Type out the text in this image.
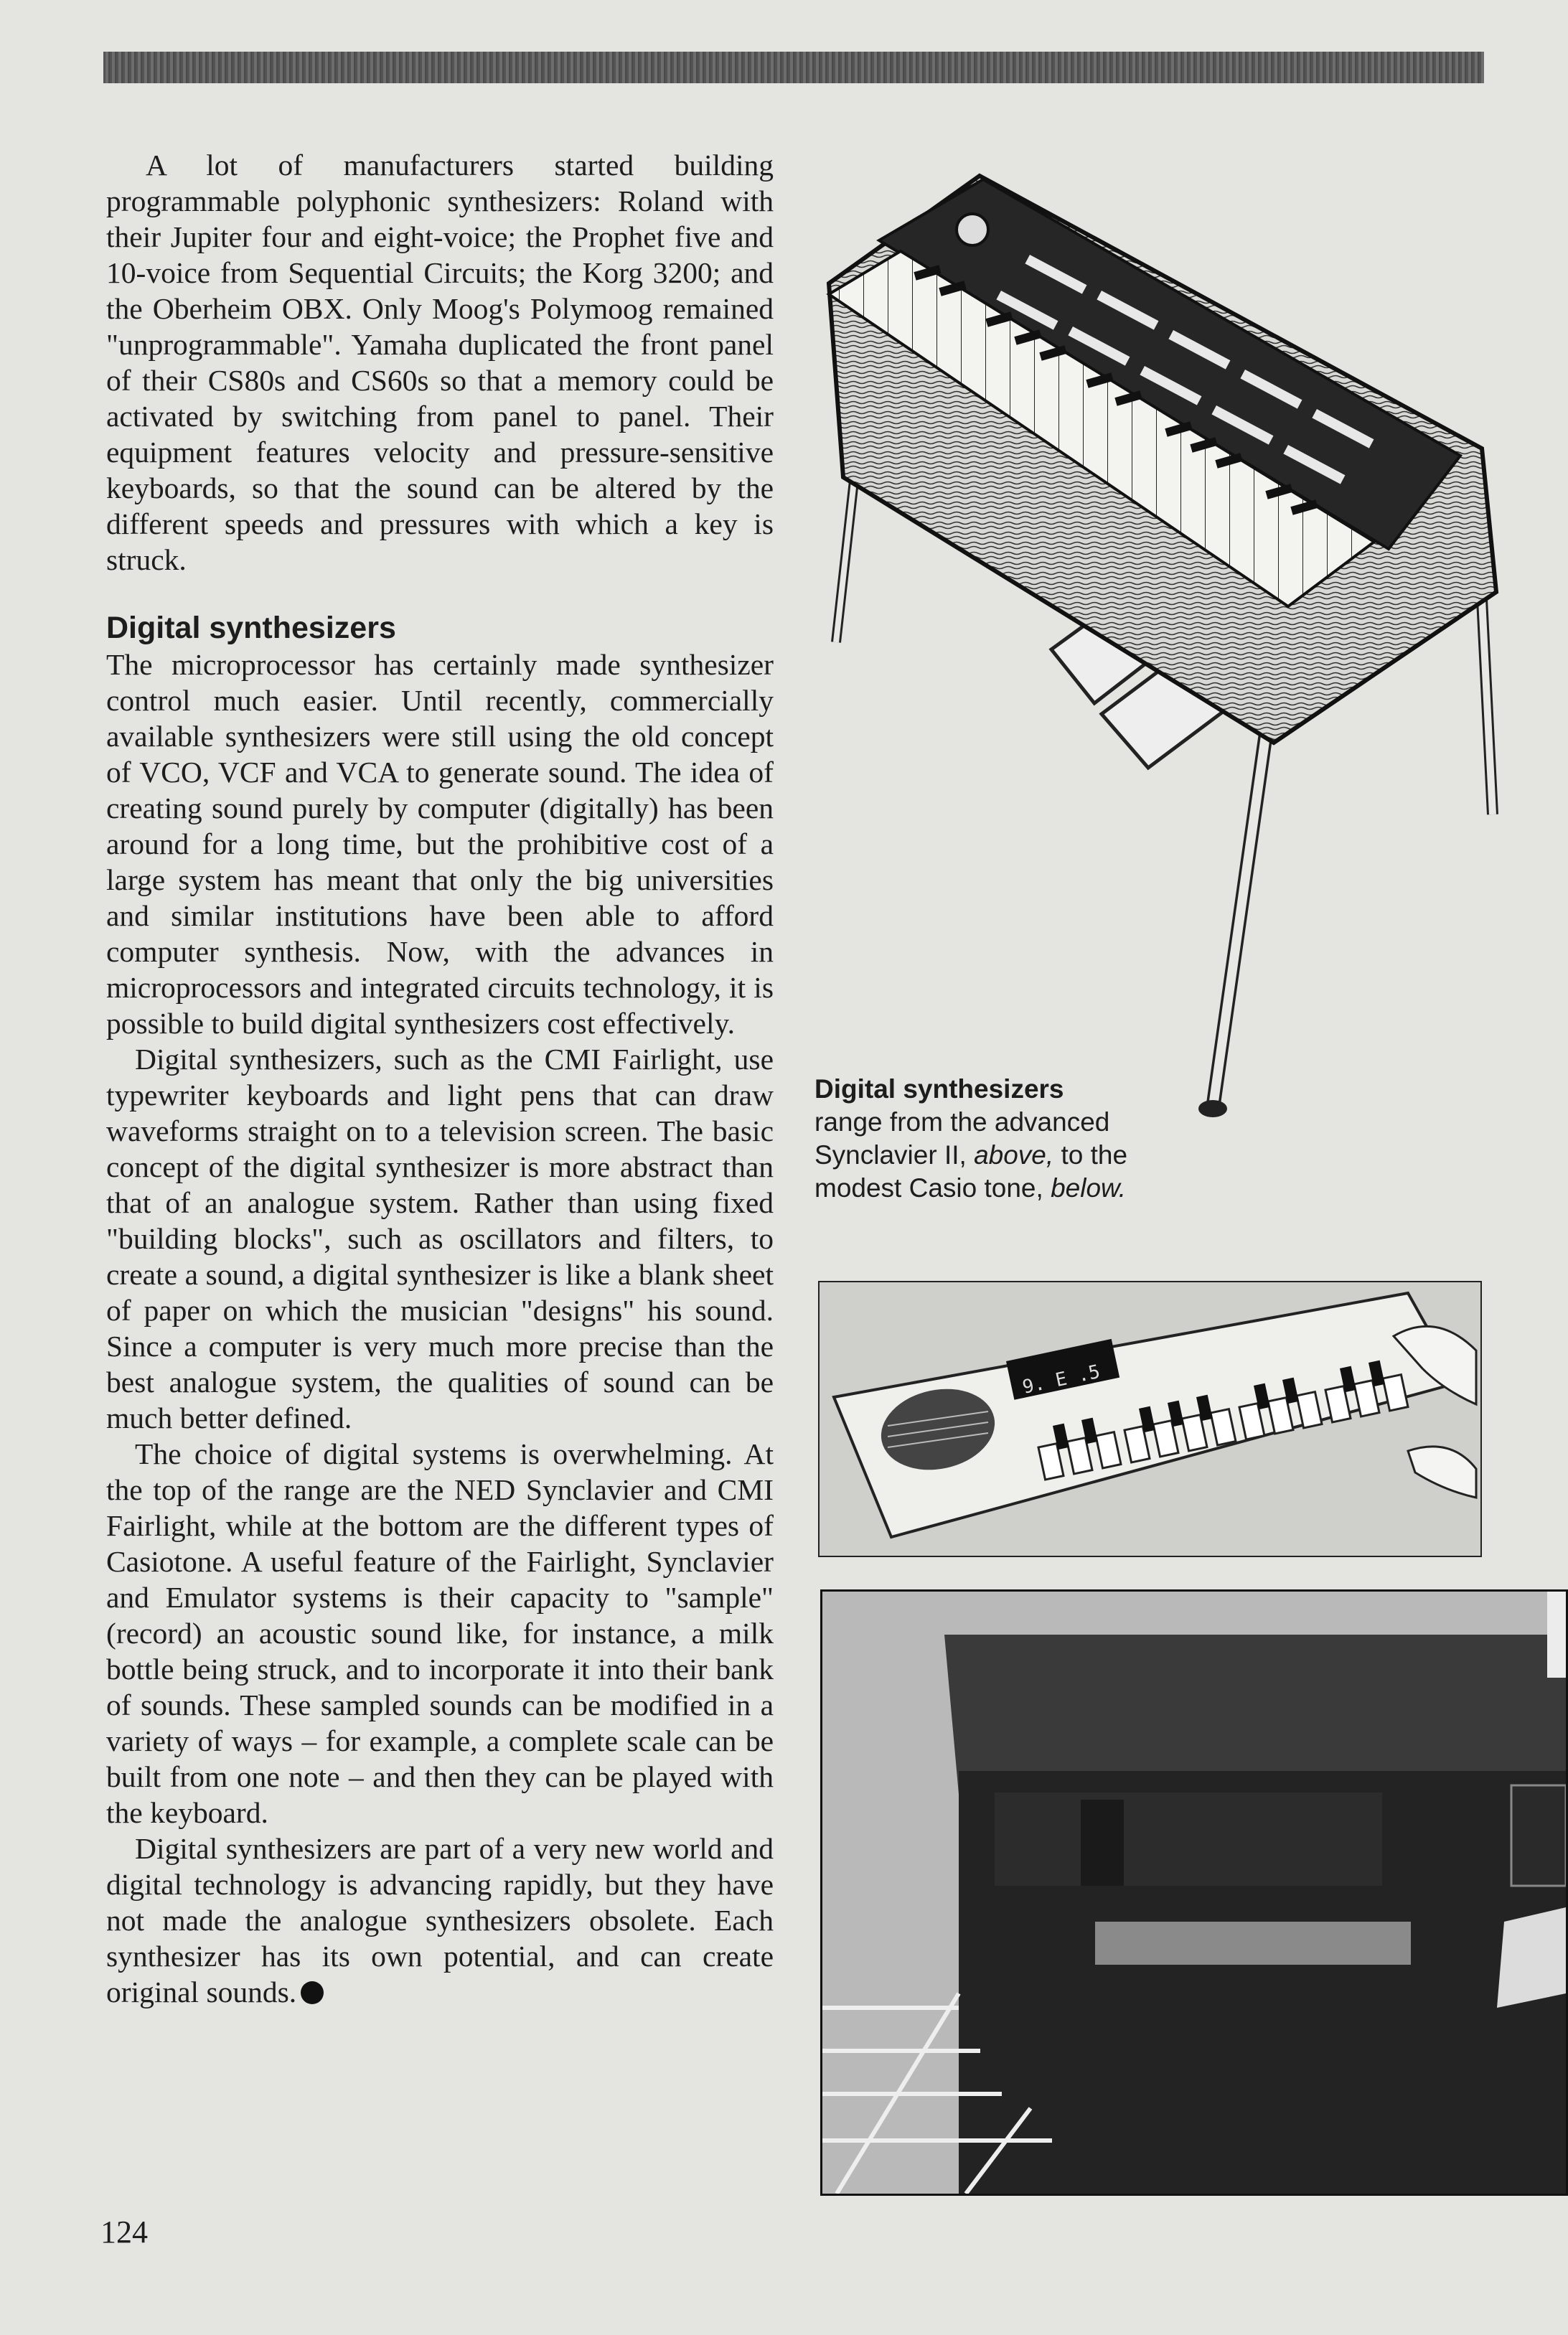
A lot of manufacturers started building programmable polyphonic synthesizers: Roland with their Jupiter four and eight-voice; the Prophet five and 10-voice from Sequential Circuits; the Korg 3200; and the Oberheim OBX. Only Moog's Polymoog remained "unprogrammable". Yamaha duplicated the front panel of their CS80s and CS60s so that a memory could be activated by switching from panel to panel. Their equipment features velocity and pressure-sensitive keyboards, so that the sound can be altered by the different speeds and pressures with which a key is struck.

Digital synthesizers

The microprocessor has certainly made synthesizer control much easier. Until recently, commercially available synthesizers were still using the old concept of VCO, VCF and VCA to generate sound. The idea of creating sound purely by computer (digitally) has been around for a long time, but the prohibitive cost of a large system has meant that only the big universities and similar institutions have been able to afford computer synthesis. Now, with the advances in microprocessors and integrated circuits technology, it is possible to build digital synthesizers cost effectively.

Digital synthesizers, such as the CMI Fairlight, use typewriter keyboards and light pens that can draw waveforms straight on to a television screen. The basic concept of the digital synthesizer is more abstract than that of an analogue system. Rather than using fixed "building blocks", such as oscillators and filters, to create a sound, a digital synthesizer is like a blank sheet of paper on which the musician "designs" his sound. Since a computer is very much more precise than the best analogue system, the qualities of sound can be much better defined.

The choice of digital systems is overwhelming. At the top of the range are the NED Synclavier and CMI Fairlight, while at the bottom are the different types of Casiotone. A useful feature of the Fairlight, Synclavier and Emulator systems is their capacity to "sample" (record) an acoustic sound like, for instance, a milk bottle being struck, and to incorporate it into their bank of sounds. These sampled sounds can be modified in a variety of ways – for example, a complete scale can be built from one note – and then they can be played with the keyboard.

Digital synthesizers are part of a very new world and digital technology is advancing rapidly, but they have not made the analogue synthesizers obsolete. Each synthesizer has its own potential, and can create original sounds.

124
Digital synthesizers
range from the advanced Synclavier II, above, to the modest Casio tone, below.
9. E .5
